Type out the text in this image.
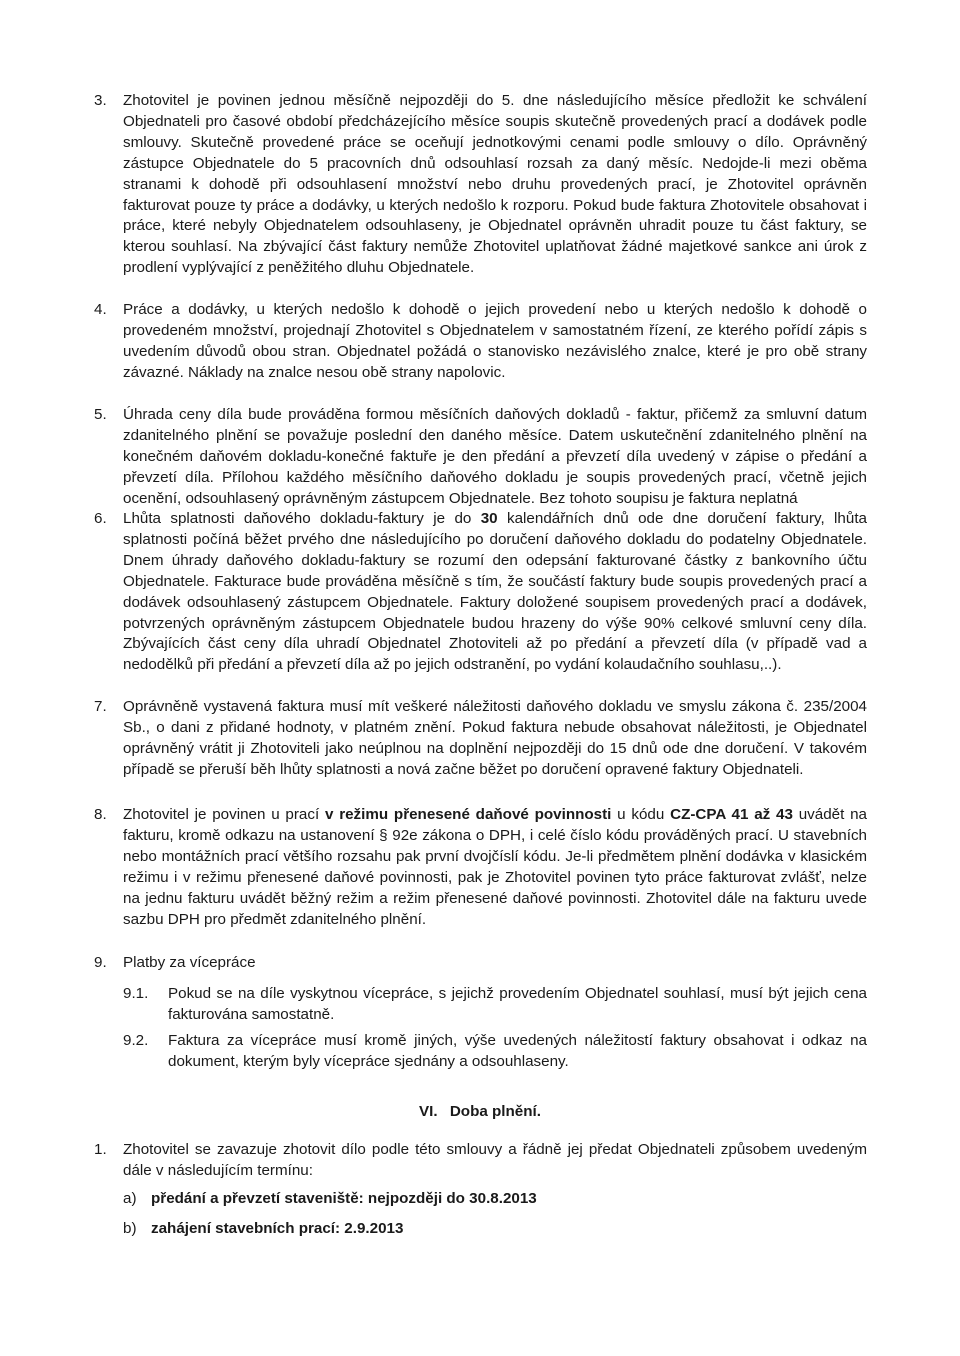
3. Zhotovitel je povinen jednou měsíčně nejpozději do 5. dne následujícího měsíce předložit ke schválení Objednateli pro časové období předcházejícího měsíce soupis skutečně provedených prací a dodávek podle smlouvy. Skutečně provedené práce se oceňují jednotkovými cenami podle smlouvy o dílo. Oprávněný zástupce Objednatele do 5 pracovních dnů odsouhlasí rozsah za daný měsíc. Nedojde-li mezi oběma stranami k dohodě při odsouhlasení množství nebo druhu provedených prací, je Zhotovitel oprávněn fakturovat pouze ty práce a dodávky, u kterých nedošlo k rozporu. Pokud bude faktura Zhotovitele obsahovat i práce, které nebyly Objednatelem odsouhlaseny, je Objednatel oprávněn uhradit pouze tu část faktury, se kterou souhlasí. Na zbývající část faktury nemůže Zhotovitel uplatňovat žádné majetkové sankce ani úrok z prodlení vyplývající z peněžitého dluhu Objednatele.
4. Práce a dodávky, u kterých nedošlo k dohodě o jejich provedení nebo u kterých nedošlo k dohodě o provedeném množství, projednají Zhotovitel s Objednatelem v samostatném řízení, ze kterého pořídí zápis s uvedením důvodů obou stran. Objednatel požádá o stanovisko nezávislého znalce, které je pro obě strany závazné. Náklady na znalce nesou obě strany napolovic.
5. Úhrada ceny díla bude prováděna formou měsíčních daňových dokladů - faktur, přičemž za smluvní datum zdanitelného plnění se považuje poslední den daného měsíce. Datem uskutečnění zdanitelného plnění na konečném daňovém dokladu-konečné faktuře je den předání a převzetí díla uvedený v zápise o předání a převzetí díla. Přílohou každého měsíčního daňového dokladu je soupis provedených prací, včetně jejich ocenění, odsouhlasený oprávněným zástupcem Objednatele. Bez tohoto soupisu je faktura neplatná
6. Lhůta splatnosti daňového dokladu-faktury je do 30 kalendářních dnů ode dne doručení faktury, lhůta splatnosti počíná běžet prvého dne následujícího po doručení daňového dokladu do podatelny Objednatele. Dnem úhrady daňového dokladu-faktury se rozumí den odepsání fakturované částky z bankovního účtu Objednatele. Fakturace bude prováděna měsíčně s tím, že součástí faktury bude soupis provedených prací a dodávek odsouhlasený zástupcem Objednatele. Faktury doložené soupisem provedených prací a dodávek, potvrzených oprávněným zástupcem Objednatele budou hrazeny do výše 90% celkové smluvní ceny díla. Zbývajících část ceny díla uhradí Objednatel Zhotoviteli až po předání a převzetí díla (v případě vad a nedodělků při předání a převzetí díla až po jejich odstranění, po vydání kolaudačního souhlasu,..).
7. Oprávněně vystavená faktura musí mít veškeré náležitosti daňového dokladu ve smyslu zákona č. 235/2004 Sb., o dani z přidané hodnoty, v platném znění. Pokud faktura nebude obsahovat náležitosti, je Objednatel oprávněný vrátit ji Zhotoviteli jako neúplnou na doplnění nejpozději do 15 dnů ode dne doručení. V takovém případě se přeruší běh lhůty splatnosti a nová začne běžet po doručení opravené faktury Objednateli.
8. Zhotovitel je povinen u prací v režimu přenesené daňové povinnosti u kódu CZ-CPA 41 až 43 uvádět na fakturu, kromě odkazu na ustanovení § 92e zákona o DPH, i celé číslo kódu prováděných prací. U stavebních nebo montážních prací většího rozsahu pak první dvojčíslí kódu. Je-li předmětem plnění dodávka v klasickém režimu i v režimu přenesené daňové povinnosti, pak je Zhotovitel povinen tyto práce fakturovat zvlášť, nelze na jednu fakturu uvádět běžný režim a režim přenesené daňové povinnosti. Zhotovitel dále na fakturu uvede sazbu DPH pro předmět zdanitelného plnění.
9. Platby za vícepráce
9.1. Pokud se na díle vyskytnou vícepráce, s jejichž provedením Objednatel souhlasí, musí být jejich cena fakturována samostatně.
9.2. Faktura za vícepráce musí kromě jiných, výše uvedených náležitostí faktury obsahovat i odkaz na dokument, kterým byly vícepráce sjednány a odsouhlaseny.
VI. Doba plnění.
1. Zhotovitel se zavazuje zhotovit dílo podle této smlouvy a řádně jej předat Objednateli způsobem uvedeným dále v následujícím termínu:
a) předání a převzetí staveniště: nejpozději do 30.8.2013
b) zahájení stavebních prací: 2.9.2013
